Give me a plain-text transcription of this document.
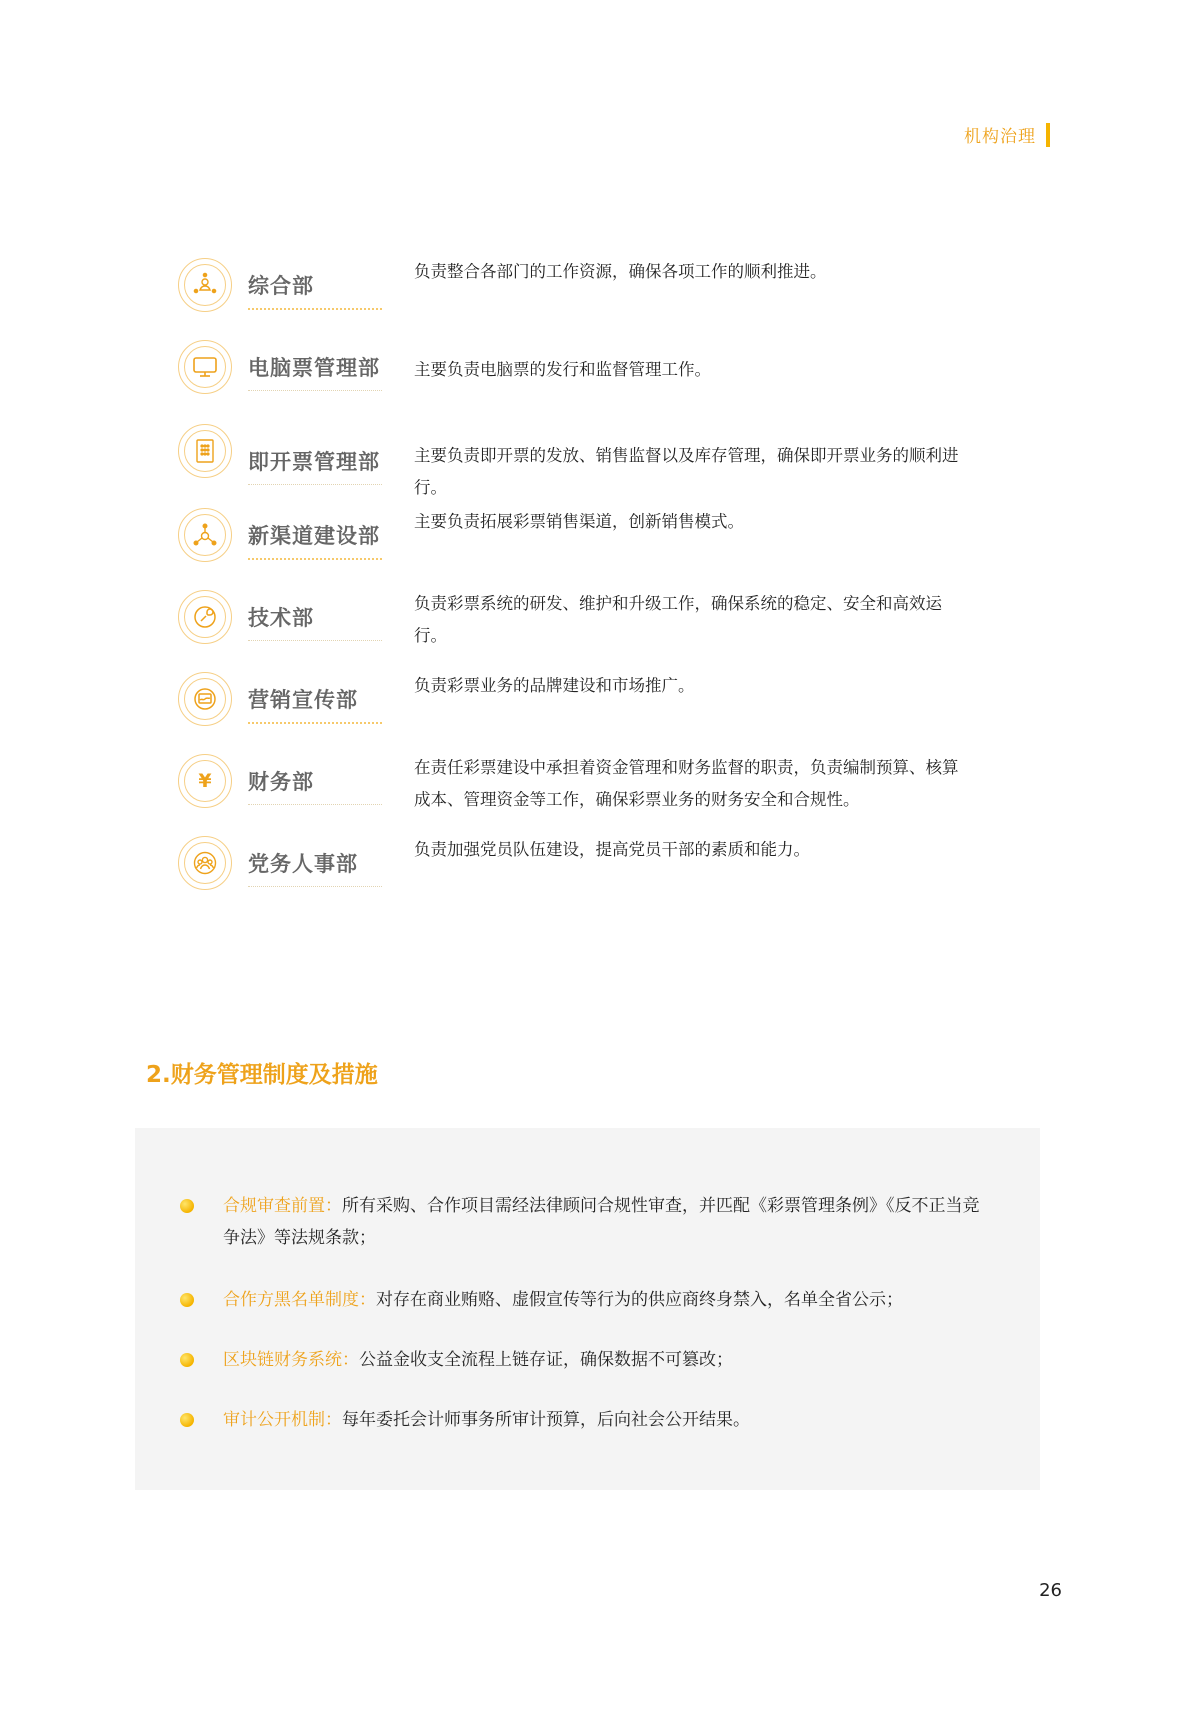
机构治理
综合部
负责整合各部门的工作资源，确保各项工作的顺利推进。
电脑票管理部 主要负责电脑票的发行和监督管理工作。
即开票管理部 主要负责即开票的发放、销售监督以及库存管理，确保即开票业务的顺利进行。
新渠道建设部
主要负责拓展彩票销售渠道，创新销售模式。
技术部
负责彩票系统的研发、维护和升级工作，确保系统的稳定、安全和高效运行。
营销宣传部
负责彩票业务的品牌建设和市场推广。
¥	财务部
在责任彩票建设中承担着资金管理和财务监督的职责，负责编制预算、核算成本、管理资金等工作，确保彩票业务的财务安全和合规性。
党务人事部
负责加强党员队伍建设，提高党员干部的素质和能力。
2.财务管理制度及措施
合规审查前置：所有采购、合作项目需经法律顾问合规性审查，并匹配《彩票管理条例》《反不正当竞争法》等法规条款；
合作方黑名单制度：对存在商业贿赂、虚假宣传等行为的供应商终身禁入，名单全省公示；
区块链财务系统：公益金收支全流程上链存证，确保数据不可篡改；
审计公开机制：每年委托会计师事务所审计预算，后向社会公开结果。
26
